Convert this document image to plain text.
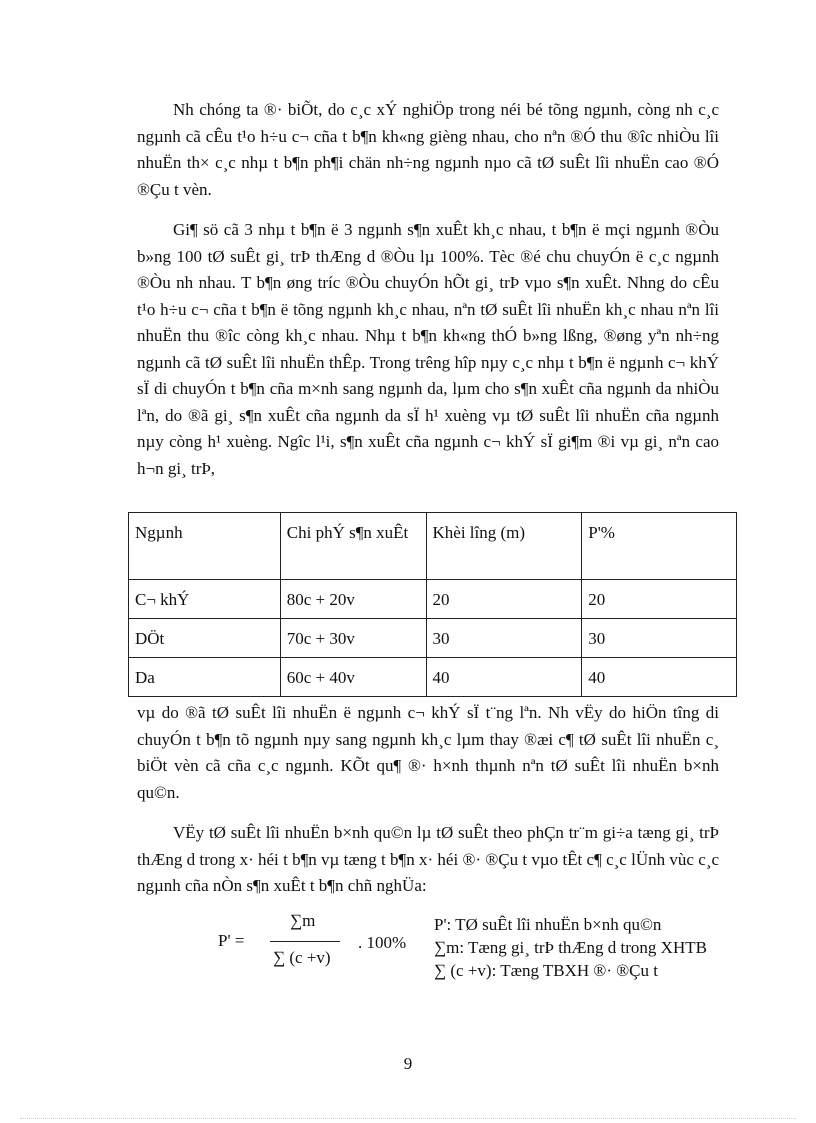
Nh chóng ta ®· biÕt, do c¸c xÝ nghiÖp trong néi bé tõng ngµnh, còng nh c¸c ngµnh cã cÊu t¹o h÷u c¬ cña t b¶n kh«ng gièng nhau, cho nªn ®Ó thu ®îc nhiÒu lîi nhuËn th× c¸c nhµ t b¶n ph¶i chän nh÷ng ngµnh nµo cã tØ suÊt lîi nhuËn cao ®Ó ®Çu t vèn.

Gi¶ sö cã 3 nhµ t b¶n ë 3 ngµnh s¶n xuÊt kh¸c nhau, t b¶n ë mçi ngµnh ®Òu b»ng 100 tØ suÊt gi¸ trÞ thÆng d ®Òu lµ 100%. Tèc ®é chu chuyÓn ë c¸c ngµnh ®Òu nh nhau. T b¶n øng tríc ®Òu chuyÓn hÕt gi¸ trÞ vµo s¶n xuÊt. Nhng do cÊu t¹o h÷u c¬ cña t b¶n ë tõng ngµnh kh¸c nhau, nªn tØ suÊt lîi nhuËn kh¸c nhau nªn lîi nhuËn thu ®îc còng kh¸c nhau. Nhµ t b¶n kh«ng thÓ b»ng lßng, ®øng yªn nh÷ng ngµnh cã tØ suÊt lîi nhuËn thÊp. Trong trêng hîp nµy c¸c nhµ t b¶n ë ngµnh c¬ khÝ sÏ di chuyÓn t b¶n cña m×nh sang ngµnh da, lµm cho s¶n xuÊt cña ngµnh da nhiÒu lªn, do ®ã gi¸ s¶n xuÊt cña ngµnh da sÏ h¹ xuèng vµ tØ suÊt lîi nhuËn cña ngµnh nµy còng h¹ xuèng. Ngîc l¹i, s¶n xuÊt cña ngµnh c¬ khÝ sÏ gi¶m ®i vµ gi¸ nªn cao h¬n gi¸ trÞ,

Ngµnh	Chi phÝ s¶n xuÊt	Khèi lîng (m)	P'%
C¬ khÝ	80c + 20v	20	20
DÖt	70c + 30v	30	30
Da	60c + 40v	40	40

vµ do ®ã tØ suÊt lîi nhuËn ë ngµnh c¬ khÝ sÏ t¨ng lªn. Nh vËy do hiÖn tîng di chuyÓn t b¶n tõ ngµnh nµy sang ngµnh kh¸c lµm thay ®æi c¶ tØ suÊt lîi nhuËn c¸ biÖt vèn cã cña c¸c ngµnh. KÕt qu¶ ®· h×nh thµnh nªn tØ suÊt lîi nhuËn b×nh qu©n.

VËy tØ suÊt lîi nhuËn b×nh qu©n lµ tØ suÊt theo phÇn tr¨m gi÷a tæng gi¸ trÞ thÆng d trong x· héi t b¶n vµ tæng t b¶n x· héi ®· ®Çu t vµo tÊt c¶ c¸c lÜnh vùc c¸c ngµnh cña nÒn s¶n xuÊt t b¶n chñ nghÜa:

P' =
∑m
∑ (c +v)
. 100%
P': TØ suÊt lîi nhuËn b×nh qu©n
∑m: Tæng gi¸ trÞ thÆng d trong XHTB
∑ (c +v): Tæng TBXH ®· ®Çu t
9
